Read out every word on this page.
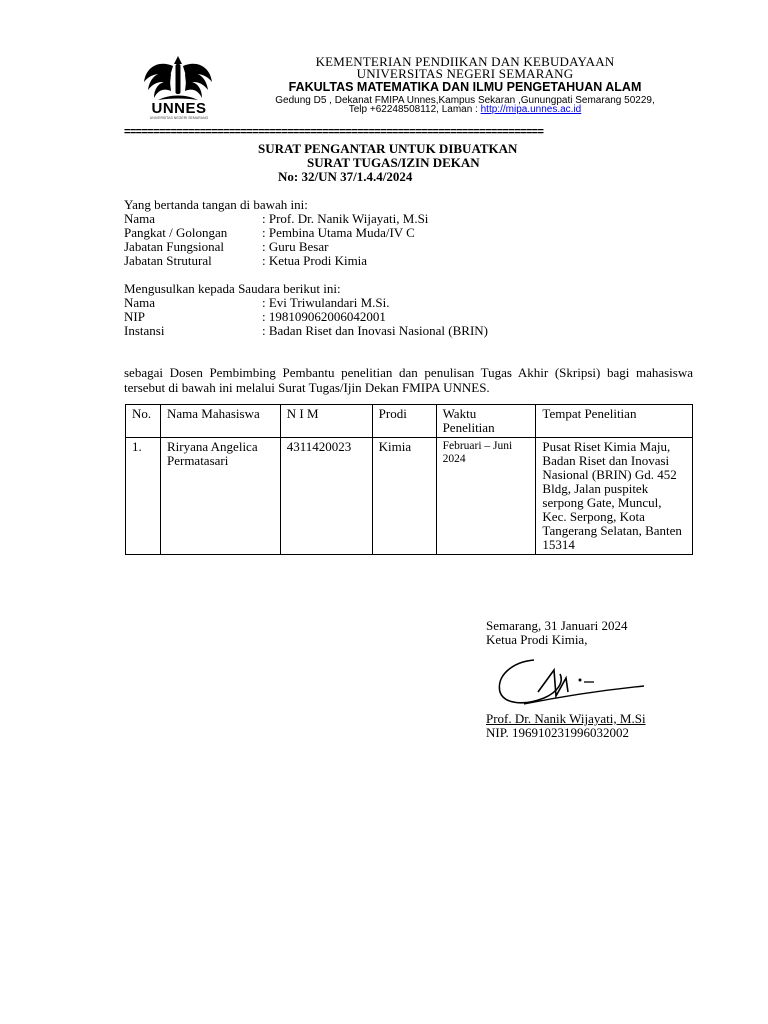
UNNES
UNIVERSITAS NEGERI SEMARANG
KEMENTERIAN PENDIIKAN DAN KEBUDAYAAN
UNIVERSITAS NEGERI SEMARANG
FAKULTAS MATEMATIKA DAN ILMU PENGETAHUAN ALAM
Gedung D5 , Dekanat FMIPA Unnes,Kampus Sekaran ,Gunungpati Semarang 50229,
Telp +62248508112, Laman : http://mipa.unnes.ac.id
========================================================================
SURAT PENGANTAR UNTUK DIBUATKAN
SURAT TUGAS/IZIN DEKAN
No: 32/UN 37/1.4.4/2024
Yang bertanda tangan di bawah ini:
Nama	: Prof. Dr. Nanik Wijayati, M.Si
Pangkat / Golongan	: Pembina Utama Muda/IV C
Jabatan Fungsional	: Guru Besar
Jabatan Strutural	: Ketua Prodi Kimia
Mengusulkan kepada Saudara berikut ini:
Nama	: Evi Triwulandari M.Si.
NIP	: 198109062006042001
Instansi	: Badan Riset dan Inovasi Nasional (BRIN)
sebagai Dosen Pembimbing Pembantu penelitian dan penulisan Tugas Akhir (Skripsi) bagi mahasiswa tersebut di bawah ini melalui Surat Tugas/Ijin Dekan FMIPA UNNES.
No.	Nama Mahasiswa	N I M	Prodi	Waktu Penelitian	Tempat Penelitian
1.	Riryana Angelica Permatasari	4311420023	Kimia	Februari – Juni 2024	Pusat Riset Kimia Maju, Badan Riset dan Inovasi Nasional (BRIN) Gd. 452 Bldg, Jalan puspitek serpong Gate, Muncul, Kec. Serpong, Kota Tangerang Selatan, Banten 15314
Semarang, 31 Januari 2024
Ketua Prodi Kimia,
Prof. Dr. Nanik Wijayati, M.Si
NIP. 196910231996032002
